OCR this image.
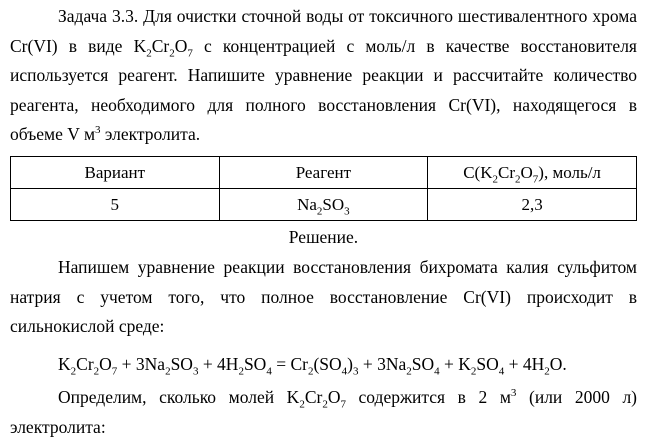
Задача 3.3. Для очистки сточной воды от токсичного шестивалентного хрома Cr(VI) в виде $K_2Cr_2O_7$ с концентрацией с моль/л в качестве восстановителя используется реагент. Напишите уравнение реакции и рассчитайте количество реагента, необходимого для полного восстановления Cr(VI), находящегося в объеме V $м^3$ электролита.
Вариант	Реагент	$C(K_2Cr_2O_7)$, моль/л
5	$Na_2SO_3$	2,3
Решение.
Напишем уравнение реакции восстановления бихромата калия сульфитом натрия с учетом того, что полное восстановление Cr(VI) происходит в сильнокислой среде:
$K_2Cr_2O_7 + 3Na_2SO_3 + 4H_2SO_4 = Cr_2(SO_4)_3 + 3Na_2SO_4 + K_2SO_4 + 4H_2O$.
Определим, сколько молей $K_2Cr_2O_7$ содержится в 2 $м^3$ (или 2000 л) электролита:
